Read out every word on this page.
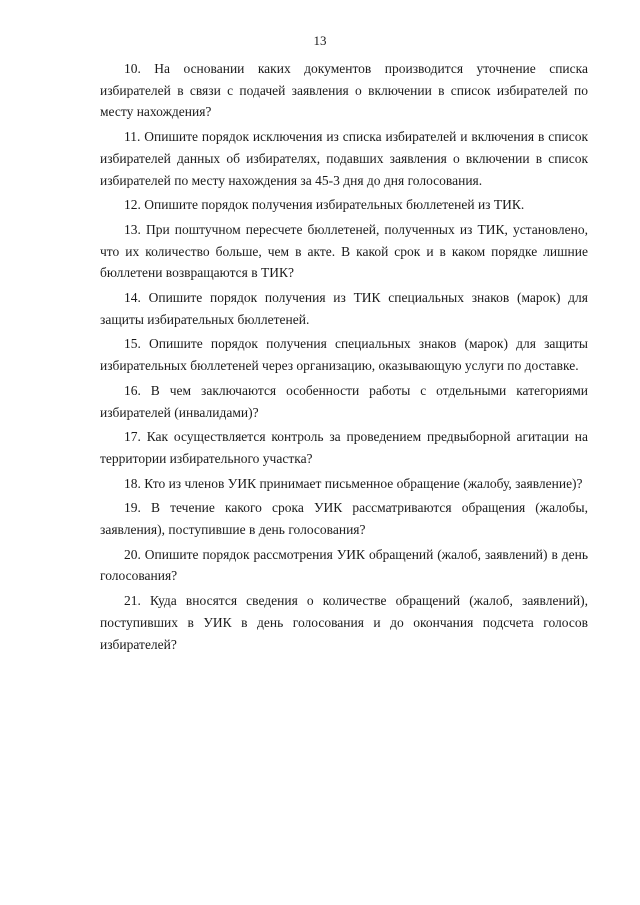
13
10. На основании каких документов производится уточнение списка избирателей в связи с подачей заявления о включении в список избирателей по месту нахождения?
11. Опишите порядок исключения из списка избирателей и включения в список избирателей данных об избирателях, подавших заявления о включении в список избирателей по месту нахождения за 45-3 дня до дня голосования.
12. Опишите порядок получения избирательных бюллетеней из ТИК.
13. При поштучном пересчете бюллетеней, полученных из ТИК, установлено, что их количество больше, чем в акте. В какой срок и в каком порядке лишние бюллетени возвращаются в ТИК?
14. Опишите порядок получения из ТИК специальных знаков (марок) для защиты избирательных бюллетеней.
15. Опишите порядок получения специальных знаков (марок) для защиты избирательных бюллетеней через организацию, оказывающую услуги по доставке.
16. В чем заключаются особенности работы с отдельными категориями избирателей (инвалидами)?
17. Как осуществляется контроль за проведением предвыборной агитации на территории избирательного участка?
18. Кто из членов УИК принимает письменное обращение (жалобу, заявление)?
19. В течение какого срока УИК рассматриваются обращения (жалобы, заявления), поступившие в день голосования?
20. Опишите порядок рассмотрения УИК обращений (жалоб, заявлений) в день голосования?
21. Куда вносятся сведения о количестве обращений (жалоб, заявлений), поступивших в УИК в день голосования и до окончания подсчета голосов избирателей?
